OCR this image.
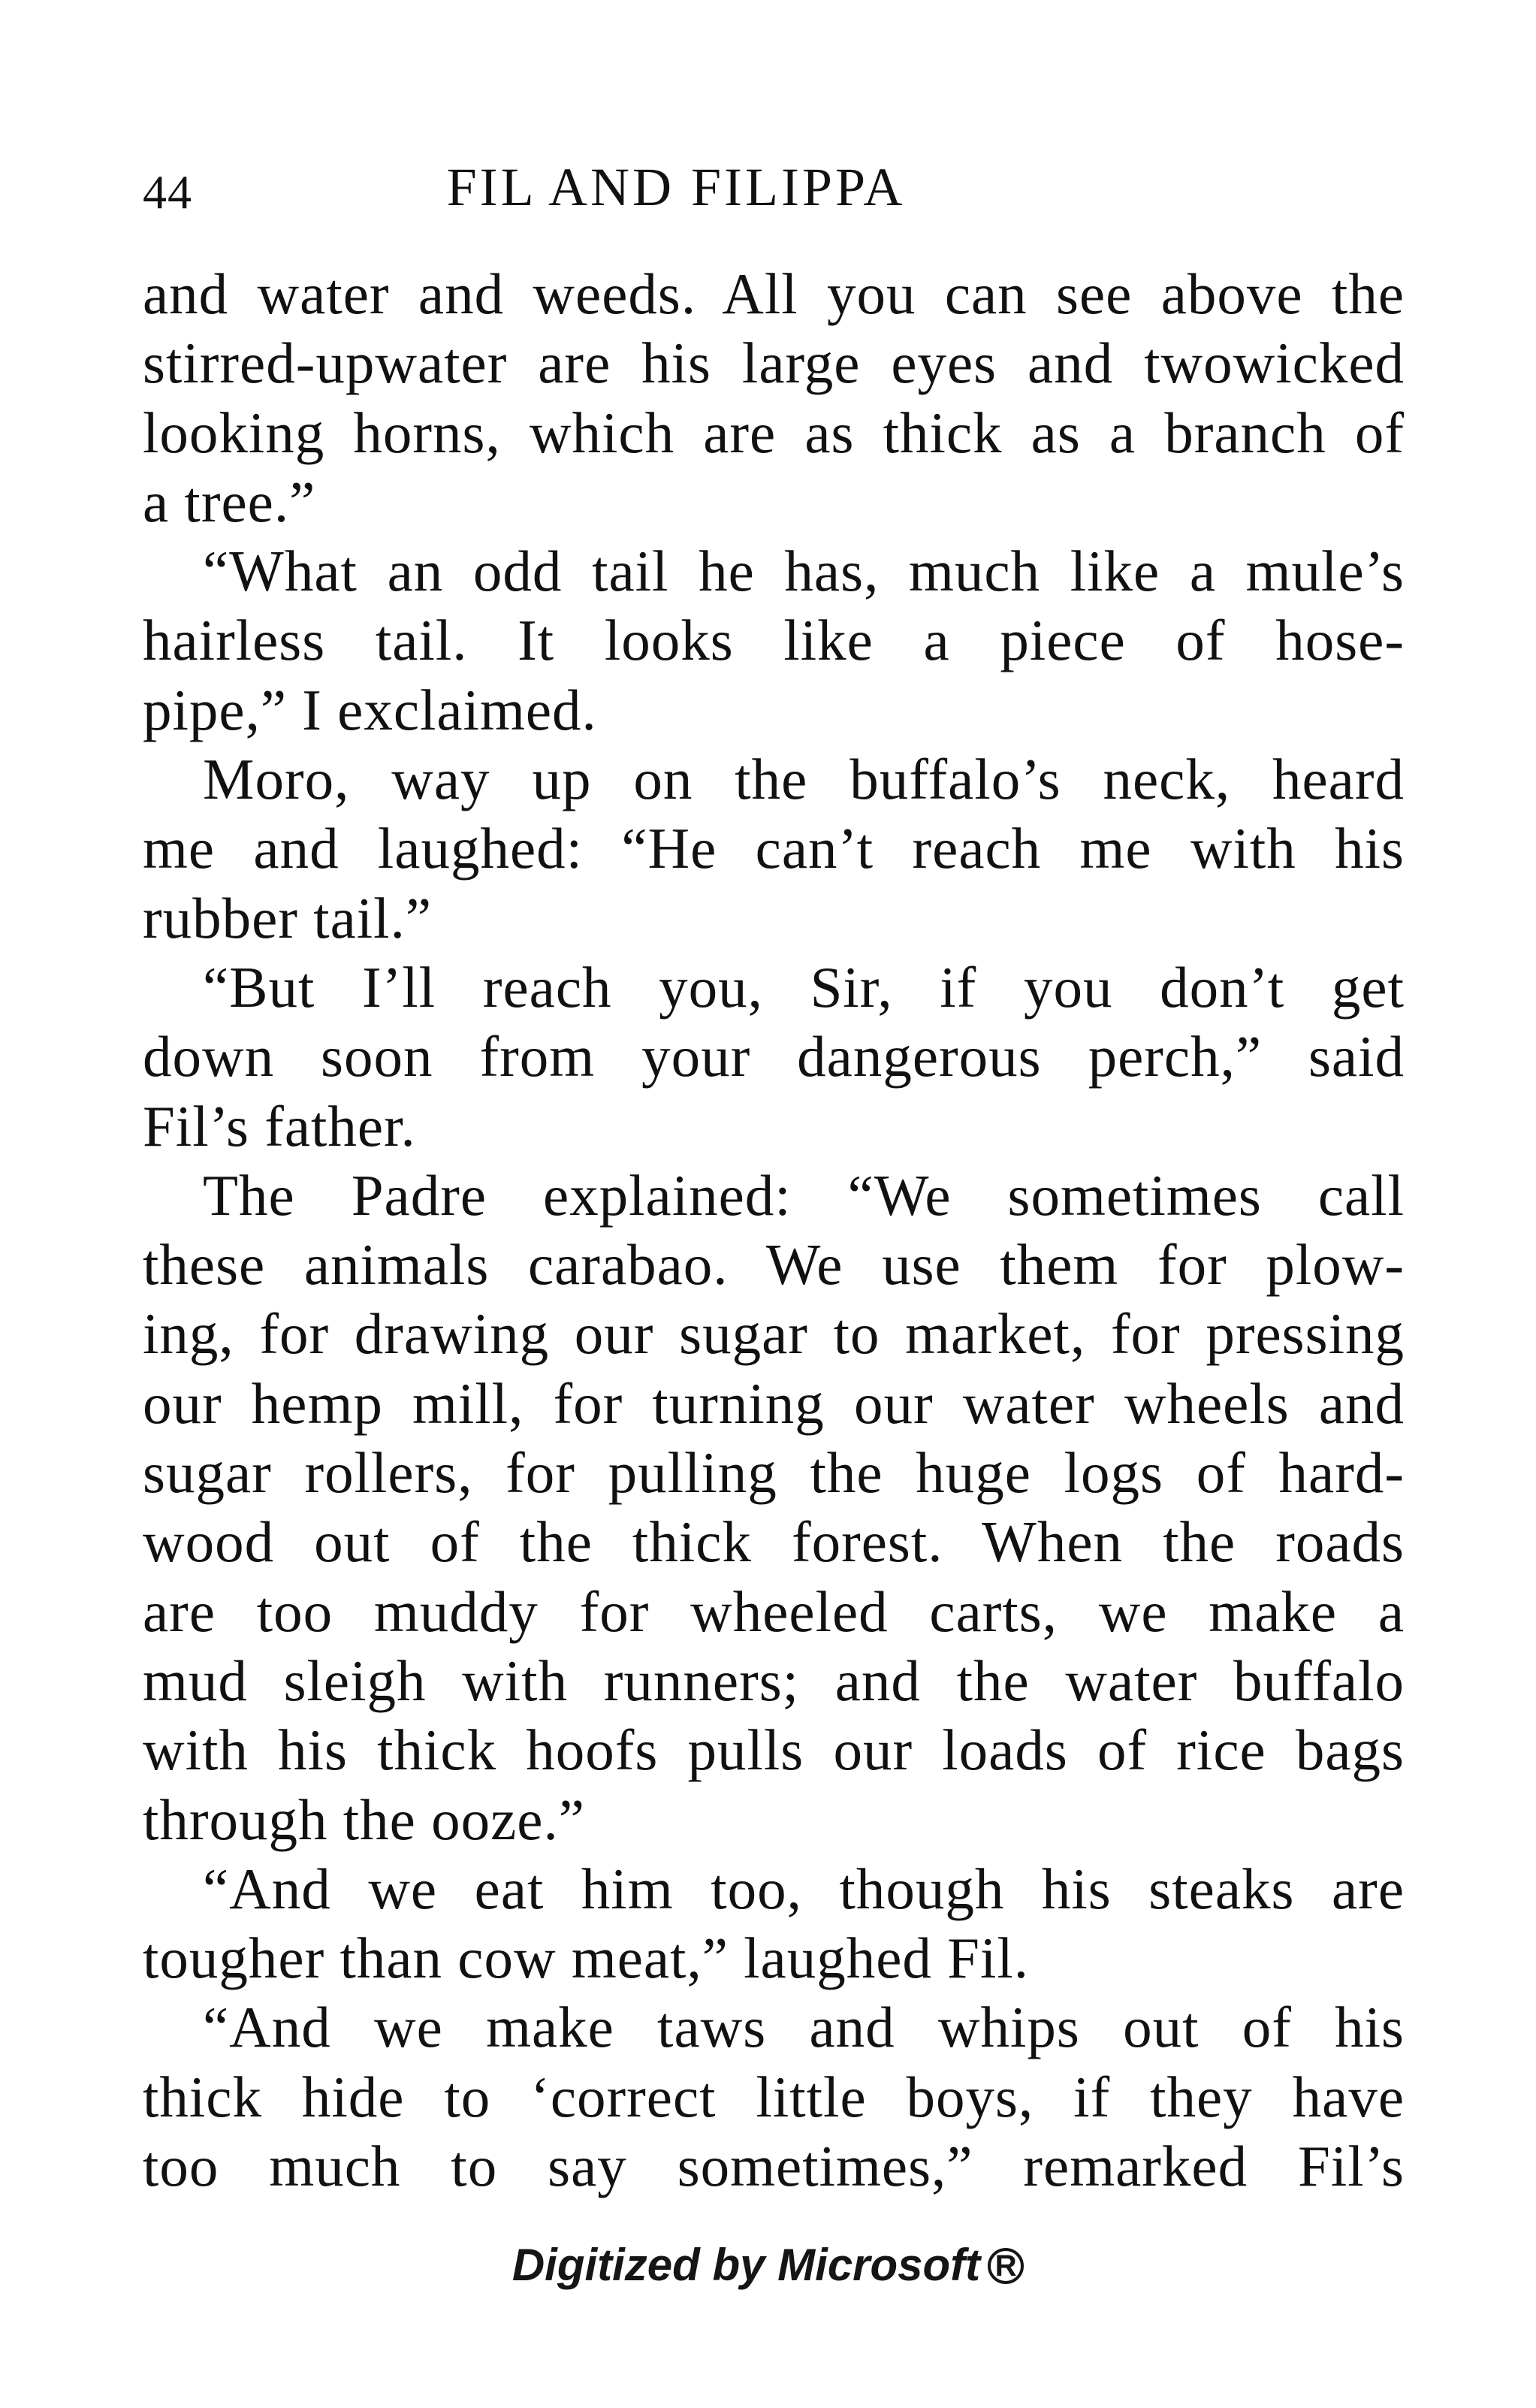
44	FIL AND FILIPPA
and water and weeds. All you can see above the
stirred-upwater are his large eyes and twowicked
looking horns, which are as thick as a branch of
a tree.”
“What an odd tail he has, much like a mule’s
hairless tail. It looks like a piece of hose-
pipe,” I exclaimed.
Moro, way up on the buffalo’s neck, heard
me and laughed: “He can’t reach me with his
rubber tail.”
“But I’ll reach you, Sir, if you don’t get
down soon from your dangerous perch,” said
Fil’s father.
The Padre explained: “We sometimes call
these animals carabao. We use them for plow-
ing, for drawing our sugar to market, for pressing
our hemp mill, for turning our water wheels and
sugar rollers, for pulling the huge logs of hard-
wood out of the thick forest. When the roads
are too muddy for wheeled carts, we make a
mud sleigh with runners; and the water buffalo
with his thick hoofs pulls our loads of rice bags
through the ooze.”
“And we eat him too, though his steaks are
tougher than cow meat,” laughed Fil.
“And we make taws and whips out of his
thick hide to ‘correct little boys, if they have
too much to say sometimes,” remarked Fil’s
Digitized by Microsoft R
